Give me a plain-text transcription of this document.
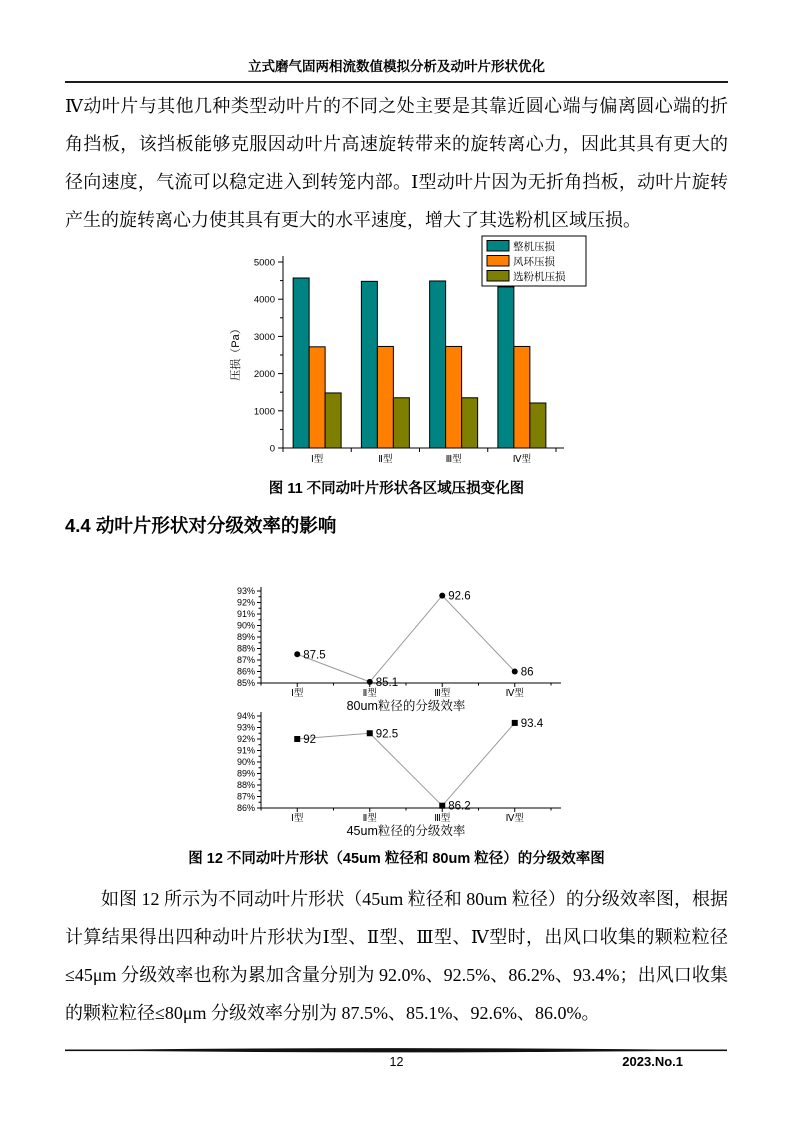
立式磨气固两相流数值模拟分析及动叶片形状优化

Ⅳ动叶片与其他几种类型动叶片的不同之处主要是其靠近圆心端与偏离圆心端的折角挡板，该挡板能够克服因动叶片高速旋转带来的旋转离心力，因此其具有更大的径向速度，气流可以稳定进入到转笼内部。Ⅰ型动叶片因为无折角挡板，动叶片旋转产生的旋转离心力使其具有更大的水平速度，增大了其选粉机区域压损。

0
1000
2000
3000
4000
5000
Ⅰ型	Ⅱ型	Ⅲ型	Ⅳ型
压损（Pa）
整机压损
风环压损
选粉机压损
图 11 不同动叶片形状各区域压损变化图
4.4 动叶片形状对分级效率的影响
85%
86%
87%
88%
89%
90%
91%
92%
93%
87.5
Ⅰ型
85.1
Ⅱ型
92.6
Ⅲ型
86
Ⅳ型
80um粒径的分级效率
86%
87%
88%
89%
90%
91%
92%
93%
94%
92
Ⅰ型
92.5
Ⅱ型
86.2
Ⅲ型
93.4
Ⅳ型
45um粒径的分级效率
图 12 不同动叶片形状（45um 粒径和 80um 粒径）的分级效率图

如图 12 所示为不同动叶片形状（45um 粒径和 80um 粒径）的分级效率图，根据计算结果得出四种动叶片形状为Ⅰ型、Ⅱ型、Ⅲ型、Ⅳ型时，出风口收集的颗粒粒径≤45μm 分级效率也称为累加含量分别为 92.0%、92.5%、86.2%、93.4%；出风口收集的颗粒粒径≤80μm 分级效率分别为 87.5%、85.1%、92.6%、86.0%。

12	2023.No.1
